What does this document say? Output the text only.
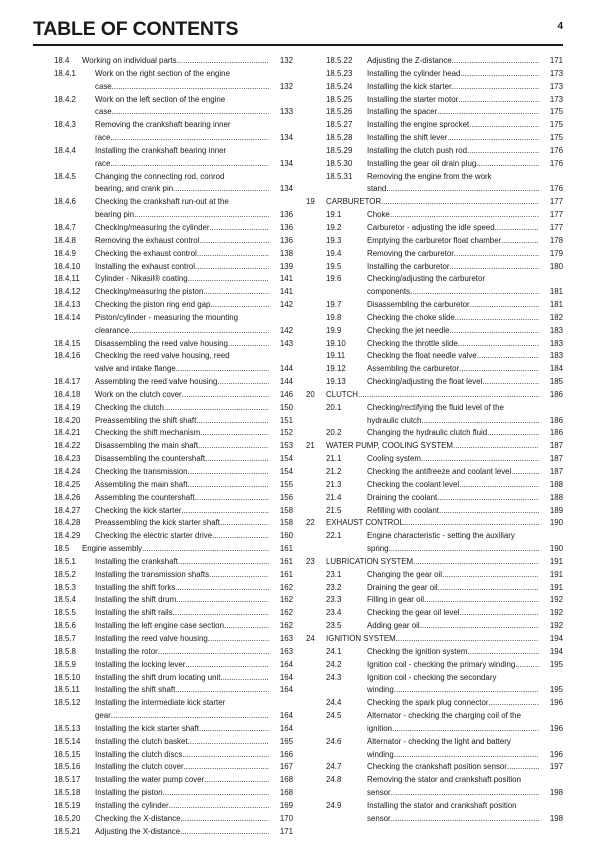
TABLE OF CONTENTS	4
18.4 Working on individual parts .....	132
18.4.1 Work on the right section of the engine
case .....	132
18.4.2 Work on the left section of the engine
case .....	133
18.4.3 Removing the crankshaft bearing inner
race .....	134
18.4.4 Installing the crankshaft bearing inner
race .....	134
18.4.5 Changing the connecting rod, conrod
bearing, and crank pin .....	134
18.4.6 Checking the crankshaft run-out at the
bearing pin .....	136
18.4.7 Checking/measuring the cylinder .....	136
18.4.8 Removing the exhaust control .....	136
18.4.9 Checking the exhaust control .....	138
18.4.10 Installing the exhaust control .....	139
18.4.11 Cylinder - Nikasil® coating .....	141
18.4.12 Checking/measuring the piston .....	141
18.4.13 Checking the piston ring end gap .....	142
18.4.14 Piston/cylinder - measuring the mounting
clearance .....	142
18.4.15 Disassembling the reed valve housing .....	143
18.4.16 Checking the reed valve housing, reed
valve and intake flange .....	144
18.4.17 Assembling the reed valve housing .....	144
18.4.18 Work on the clutch cover .....	146
18.4.19 Checking the clutch .....	150
18.4.20 Preassembling the shift shaft .....	151
18.4.21 Checking the shift mechanism .....	152
18.4.22 Disassembling the main shaft .....	153
18.4.23 Disassembling the countershaft .....	154
18.4.24 Checking the transmission .....	154
18.4.25 Assembling the main shaft .....	155
18.4.26 Assembling the countershaft .....	156
18.4.27 Checking the kick starter .....	158
18.4.28 Preassembling the kick starter shaft .....	158
18.4.29 Checking the electric starter drive .....	160
18.5 Engine assembly .....	161
18.5.1 Installing the crankshaft .....	161
18.5.2 Installing the transmission shafts .....	161
18.5.3 Installing the shift forks .....	162
18.5.4 Installing the shift drum .....	162
18.5.5 Installing the shift rails .....	162
18.5.6 Installing the left engine case section .....	162
18.5.7 Installing the reed valve housing .....	163
18.5.8 Installing the rotor .....	163
18.5.9 Installing the locking lever .....	164
18.5.10 Installing the shift drum locating unit .....	164
18.5.11 Installing the shift shaft .....	164
18.5.12 Installing the intermediate kick starter
gear .....	164
18.5.13 Installing the kick starter shaft .....	164
18.5.14 Installing the clutch basket .....	165
18.5.15 Installing the clutch discs .....	166
18.5.16 Installing the clutch cover .....	167
18.5.17 Installing the water pump cover .....	168
18.5.18 Installing the piston .....	168
18.5.19 Installing the cylinder .....	169
18.5.20 Checking the X-distance .....	170
18.5.21 Adjusting the X-distance .....	171
18.5.22 Adjusting the Z-distance .....	171
18.5.23 Installing the cylinder head .....	173
18.5.24 Installing the kick starter .....	173
18.5.25 Installing the starter motor .....	173
18.5.26 Installing the spacer .....	175
18.5.27 Installing the engine sprocket .....	175
18.5.28 Installing the shift lever .....	175
18.5.29 Installing the clutch push rod .....	176
18.5.30 Installing the gear oil drain plug .....	176
18.5.31 Removing the engine from the work
stand .....	176
19 CARBURETOR .....	177
19.1	Choke .....	177
19.2	Carburetor - adjusting the idle speed .....	177
19.3	Emptying the carburetor float chamber .....	178
19.4	Removing the carburetor .....	179
19.5	Installing the carburetor .....	180
19.6	Checking/adjusting the carburetor
components .....	181
19.7	Disassembling the carburetor .....	181
19.8	Checking the choke slide .....	182
19.9	Checking the jet needle .....	183
19.10	Checking the throttle slide .....	183
19.11	Checking the float needle valve .....	183
19.12	Assembling the carburetor .....	184
19.13	Checking/adjusting the float level .....	185
20 CLUTCH .....	186
20.1	Checking/rectifying the fluid level of the
hydraulic clutch .....	186
20.2	Changing the hydraulic clutch fluid .....	186
21 WATER PUMP, COOLING SYSTEM .....	187
21.1	Cooling system .....	187
21.2	Checking the antifreeze and coolant level .....	187
21.3	Checking the coolant level .....	188
21.4	Draining the coolant .....	188
21.5	Refilling with coolant .....	189
22 EXHAUST CONTROL .....	190
22.1	Engine characteristic - setting the auxiliary
spring .....	190
23 LUBRICATION SYSTEM .....	191
23.1	Changing the gear oil .....	191
23.2	Draining the gear oil .....	191
23.3	Filling in gear oil .....	192
23.4	Checking the gear oil level .....	192
23.5	Adding gear oil .....	192
24 IGNITION SYSTEM .....	194
24.1	Checking the ignition system .....	194
24.2	Ignition coil - checking the primary winding .....	195
24.3	Ignition coil - checking the secondary
winding .....	195
24.4	Checking the spark plug connector .....	196
24.5	Alternator - checking the charging coil of the
ignition .....	196
24.6	Alternator - checking the light and battery
winding .....	196
24.7	Checking the crankshaft position sensor .....	197
24.8	Removing the stator and crankshaft position
sensor .....	198
24.9	Installing the stator and crankshaft position
sensor .....	198
